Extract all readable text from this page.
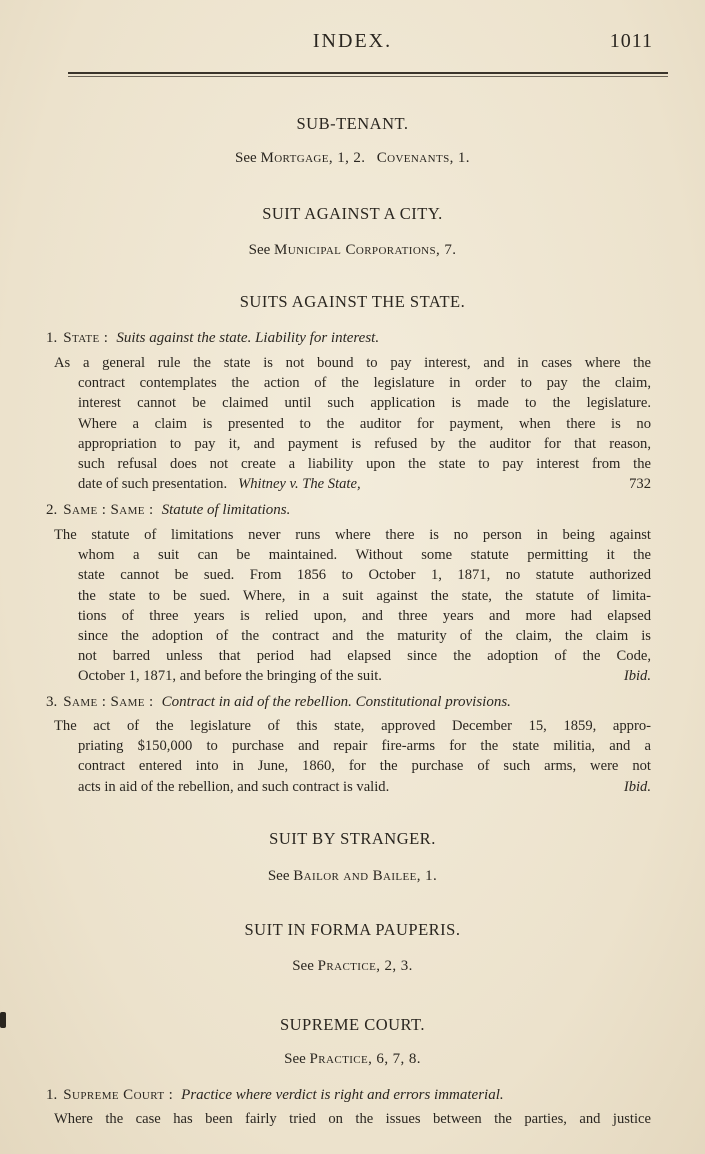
INDEX.	1011
SUB-TENANT.
See Mortgage, 1, 2. Covenants, 1.
SUIT AGAINST A CITY.
See Municipal Corporations, 7.
SUITS AGAINST THE STATE.
1. State : Suits against the state. Liability for interest.
As a general rule the state is not bound to pay interest, and in cases where the
contract contemplates the action of the legislature in order to pay the claim,
interest cannot be claimed until such application is made to the legislature.
Where a claim is presented to the auditor for payment, when there is no
appropriation to pay it, and payment is refused by the auditor for that reason,
such refusal does not create a liability upon the state to pay interest from the
date of such presentation. Whitney v. The State,	732
2. Same : Same : Statute of limitations.
The statute of limitations never runs where there is no person in being against
whom a suit can be maintained. Without some statute permitting it the
state cannot be sued. From 1856 to October 1, 1871, no statute authorized
the state to be sued. Where, in a suit against the state, the statute of limita-
tions of three years is relied upon, and three years and more had elapsed
since the adoption of the contract and the maturity of the claim, the claim is
not barred unless that period had elapsed since the adoption of the Code,
October 1, 1871, and before the bringing of the suit.	Ibid.
3. Same : Same : Contract in aid of the rebellion. Constitutional provisions.
The act of the legislature of this state, approved December 15, 1859, appro-
priating $150,000 to purchase and repair fire-arms for the state militia, and a
contract entered into in June, 1860, for the purchase of such arms, were not
acts in aid of the rebellion, and such contract is valid.	Ibid.
SUIT BY STRANGER.
See Bailor and Bailee, 1.
SUIT IN FORMA PAUPERIS.
See Practice, 2, 3.
SUPREME COURT.
See Practice, 6, 7, 8.
1. Supreme Court : Practice where verdict is right and errors immaterial.
Where the case has been fairly tried on the issues between the parties, and justice
